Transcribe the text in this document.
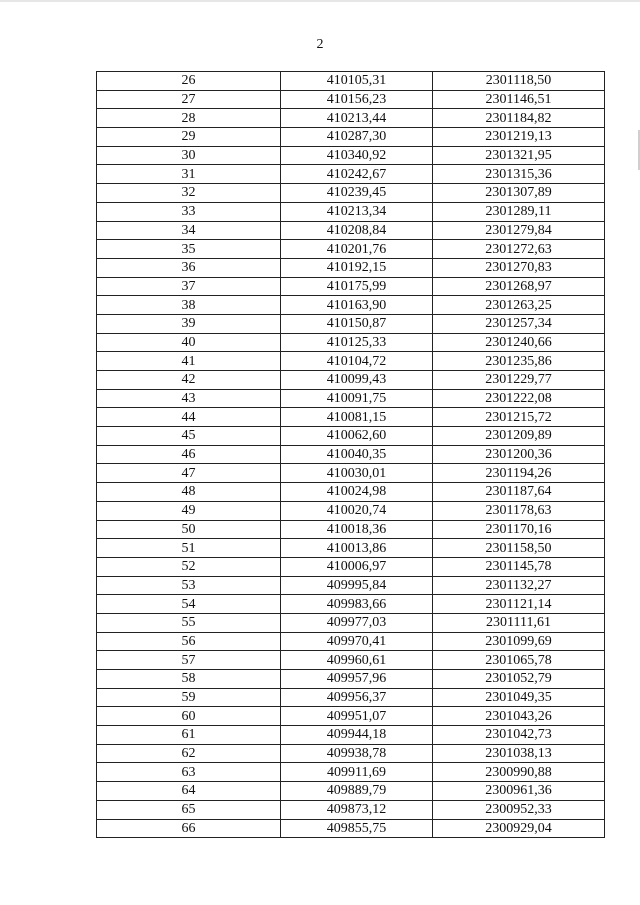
2
26	410105,31	2301118,50
27	410156,23	2301146,51
28	410213,44	2301184,82
29	410287,30	2301219,13
30	410340,92	2301321,95
31	410242,67	2301315,36
32	410239,45	2301307,89
33	410213,34	2301289,11
34	410208,84	2301279,84
35	410201,76	2301272,63
36	410192,15	2301270,83
37	410175,99	2301268,97
38	410163,90	2301263,25
39	410150,87	2301257,34
40	410125,33	2301240,66
41	410104,72	2301235,86
42	410099,43	2301229,77
43	410091,75	2301222,08
44	410081,15	2301215,72
45	410062,60	2301209,89
46	410040,35	2301200,36
47	410030,01	2301194,26
48	410024,98	2301187,64
49	410020,74	2301178,63
50	410018,36	2301170,16
51	410013,86	2301158,50
52	410006,97	2301145,78
53	409995,84	2301132,27
54	409983,66	2301121,14
55	409977,03	2301111,61
56	409970,41	2301099,69
57	409960,61	2301065,78
58	409957,96	2301052,79
59	409956,37	2301049,35
60	409951,07	2301043,26
61	409944,18	2301042,73
62	409938,78	2301038,13
63	409911,69	2300990,88
64	409889,79	2300961,36
65	409873,12	2300952,33
66	409855,75	2300929,04
